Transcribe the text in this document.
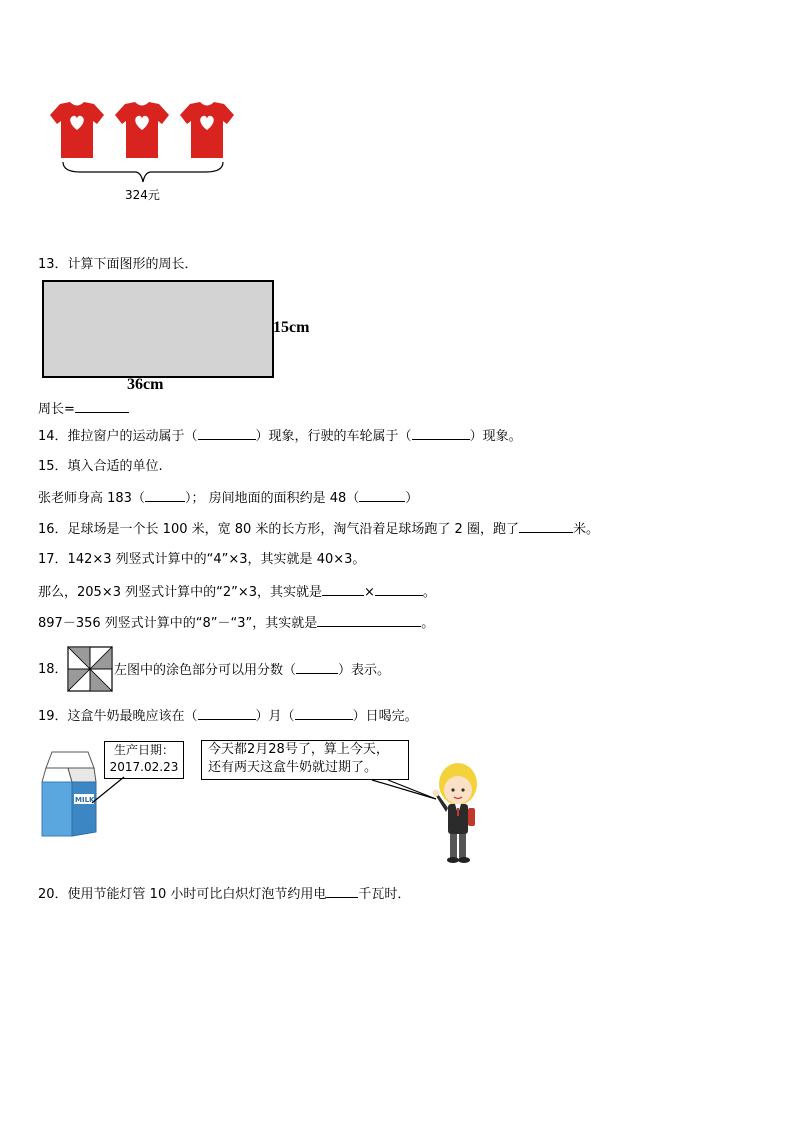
324元
13．计算下面图形的周长．
15cm
36cm
周长=
14．推拉窗户的运动属于（	）现象，行驶的车轮属于（	）现象。
15．填入合适的单位.
张老师身高 183（	）； 房间地面的面积约是 48（	）
16．足球场是一个长 100 米，宽 80 米的长方形，淘气沿着足球场跑了 2 圈，跑了	米。
17．142×3 列竖式计算中的“4”×3，其实就是 40×3。
那么，205×3 列竖式计算中的“2”×3，其实就是	×	。
897－356 列竖式计算中的“8”－“3”，其实就是	。
18．	左图中的涂色部分可以用分数（	）表示。
19．这盒牛奶最晚应该在（	）月（	）日喝完。
MILK
生产日期：
2017.02.23
今天都2月28号了，算上今天，
还有两天这盒牛奶就过期了。
20．使用节能灯管 10 小时可比白炽灯泡节约用电 千瓦时．
